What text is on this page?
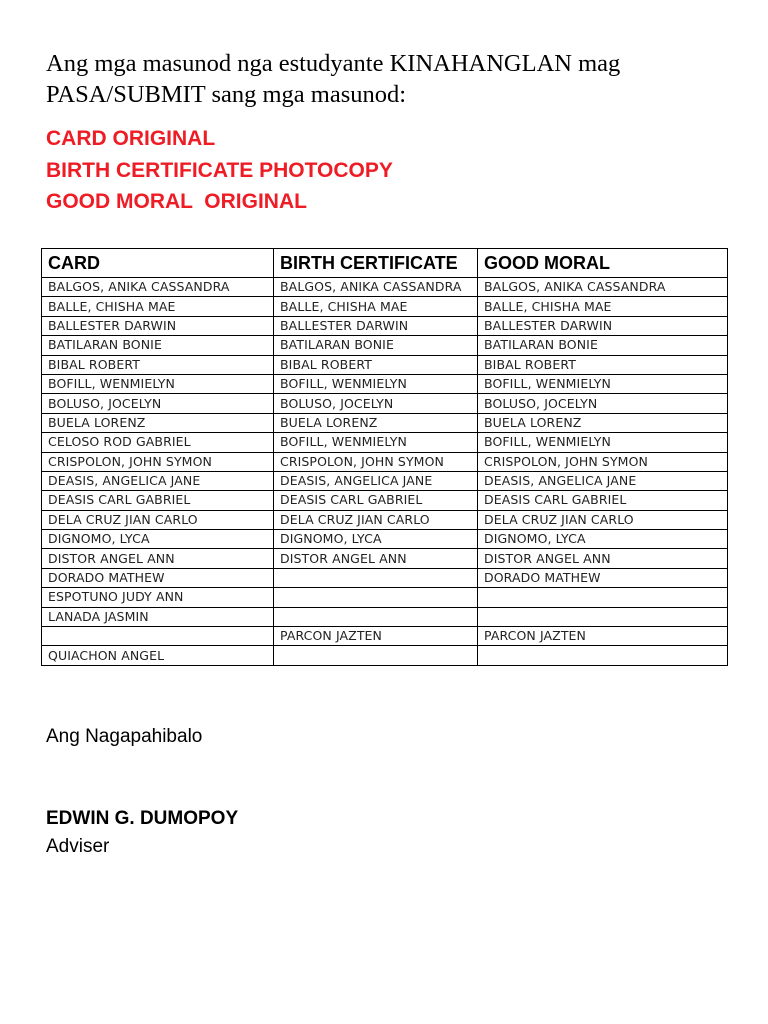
Ang mga masunod nga estudyante KINAHANGLAN mag
PASA/SUBMIT sang mga masunod:

CARD ORIGINAL
BIRTH CERTIFICATE PHOTOCOPY
GOOD MORAL  ORIGINAL
CARD	BIRTH CERTIFICATE	GOOD MORAL
BALGOS, ANIKA CASSANDRA	BALGOS, ANIKA CASSANDRA	BALGOS, ANIKA CASSANDRA
BALLE, CHISHA MAE	BALLE, CHISHA MAE	BALLE, CHISHA MAE
BALLESTER DARWIN	BALLESTER DARWIN	BALLESTER DARWIN
BATILARAN BONIE	BATILARAN BONIE	BATILARAN BONIE
BIBAL ROBERT	BIBAL ROBERT	BIBAL ROBERT
BOFILL, WENMIELYN	BOFILL, WENMIELYN	BOFILL, WENMIELYN
BOLUSO, JOCELYN	BOLUSO, JOCELYN	BOLUSO, JOCELYN
BUELA LORENZ	BUELA LORENZ	BUELA LORENZ
CELOSO ROD GABRIEL	BOFILL, WENMIELYN	BOFILL, WENMIELYN
CRISPOLON, JOHN SYMON	CRISPOLON, JOHN SYMON	CRISPOLON, JOHN SYMON
DEASIS, ANGELICA JANE	DEASIS, ANGELICA JANE	DEASIS, ANGELICA JANE
DEASIS CARL GABRIEL	DEASIS CARL GABRIEL	DEASIS CARL GABRIEL
DELA CRUZ JIAN CARLO	DELA CRUZ JIAN CARLO	DELA CRUZ JIAN CARLO
DIGNOMO, LYCA	DIGNOMO, LYCA	DIGNOMO, LYCA
DISTOR ANGEL ANN	DISTOR ANGEL ANN	DISTOR ANGEL ANN
DORADO MATHEW		DORADO MATHEW
ESPOTUNO JUDY ANN		
LANADA JASMIN		
	PARCON JAZTEN	PARCON JAZTEN
QUIACHON ANGEL		

Ang Nagapahibalo

EDWIN G. DUMOPOY

Adviser
